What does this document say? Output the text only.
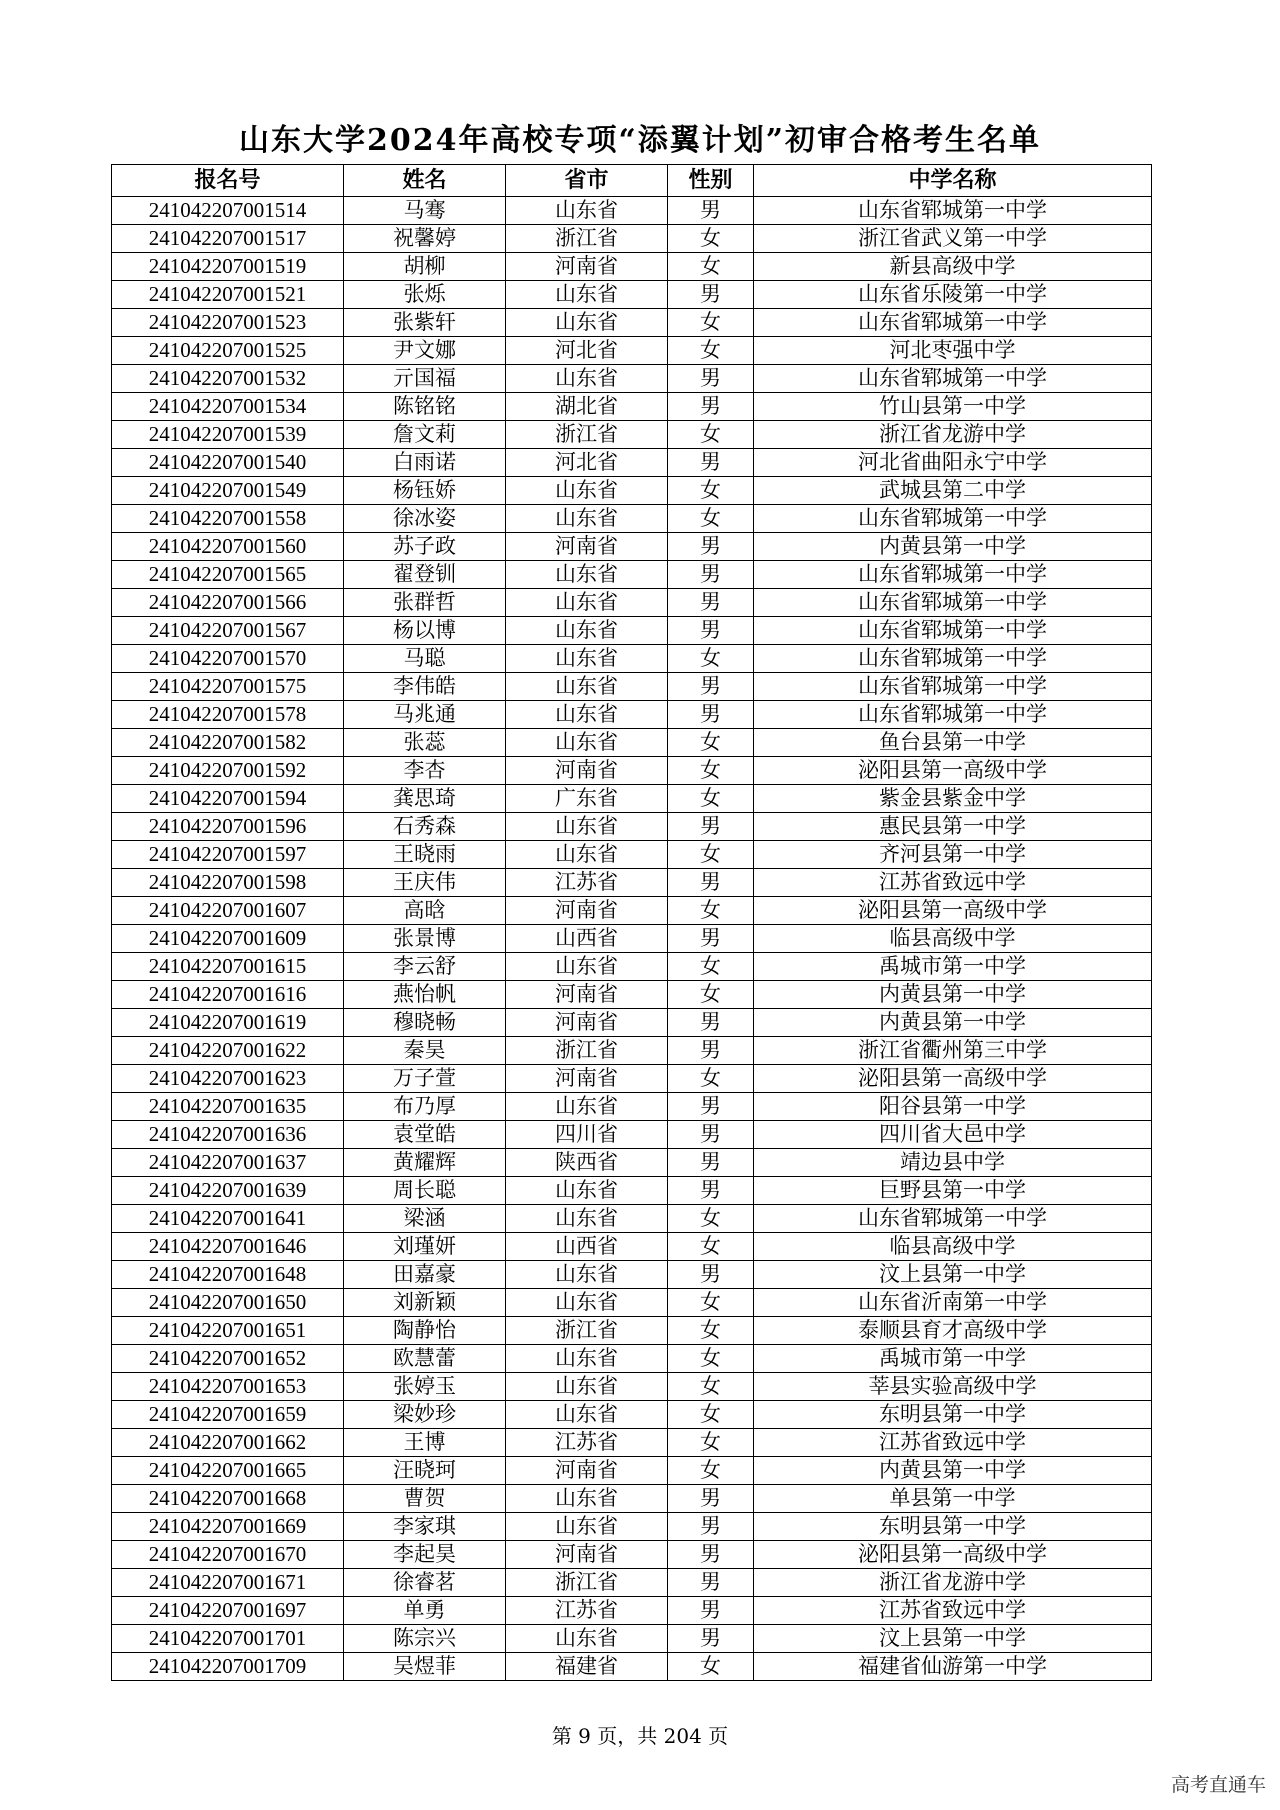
山东大学2024年高校专项“添翼计划”初审合格考生名单
报名号	姓名	省市	性别	中学名称
241042207001514	马骞	山东省	男	山东省郓城第一中学
241042207001517	祝馨婷	浙江省	女	浙江省武义第一中学
241042207001519	胡柳	河南省	女	新县高级中学
241042207001521	张烁	山东省	男	山东省乐陵第一中学
241042207001523	张紫轩	山东省	女	山东省郓城第一中学
241042207001525	尹文娜	河北省	女	河北枣强中学
241042207001532	亓国福	山东省	男	山东省郓城第一中学
241042207001534	陈铭铭	湖北省	男	竹山县第一中学
241042207001539	詹文莉	浙江省	女	浙江省龙游中学
241042207001540	白雨诺	河北省	男	河北省曲阳永宁中学
241042207001549	杨钰娇	山东省	女	武城县第二中学
241042207001558	徐冰姿	山东省	女	山东省郓城第一中学
241042207001560	苏子政	河南省	男	内黄县第一中学
241042207001565	翟登钏	山东省	男	山东省郓城第一中学
241042207001566	张群哲	山东省	男	山东省郓城第一中学
241042207001567	杨以博	山东省	男	山东省郓城第一中学
241042207001570	马聪	山东省	女	山东省郓城第一中学
241042207001575	李伟皓	山东省	男	山东省郓城第一中学
241042207001578	马兆通	山东省	男	山东省郓城第一中学
241042207001582	张蕊	山东省	女	鱼台县第一中学
241042207001592	李杏	河南省	女	泌阳县第一高级中学
241042207001594	龚思琦	广东省	女	紫金县紫金中学
241042207001596	石秀森	山东省	男	惠民县第一中学
241042207001597	王晓雨	山东省	女	齐河县第一中学
241042207001598	王庆伟	江苏省	男	江苏省致远中学
241042207001607	高晗	河南省	女	泌阳县第一高级中学
241042207001609	张景博	山西省	男	临县高级中学
241042207001615	李云舒	山东省	女	禹城市第一中学
241042207001616	燕怡帆	河南省	女	内黄县第一中学
241042207001619	穆晓畅	河南省	男	内黄县第一中学
241042207001622	秦昊	浙江省	男	浙江省衢州第三中学
241042207001623	万子萱	河南省	女	泌阳县第一高级中学
241042207001635	布乃厚	山东省	男	阳谷县第一中学
241042207001636	袁堂皓	四川省	男	四川省大邑中学
241042207001637	黄耀辉	陕西省	男	靖边县中学
241042207001639	周长聪	山东省	男	巨野县第一中学
241042207001641	梁涵	山东省	女	山东省郓城第一中学
241042207001646	刘瑾妍	山西省	女	临县高级中学
241042207001648	田嘉豪	山东省	男	汶上县第一中学
241042207001650	刘新颖	山东省	女	山东省沂南第一中学
241042207001651	陶静怡	浙江省	女	泰顺县育才高级中学
241042207001652	欧慧蕾	山东省	女	禹城市第一中学
241042207001653	张婷玉	山东省	女	莘县实验高级中学
241042207001659	梁妙珍	山东省	女	东明县第一中学
241042207001662	王博	江苏省	女	江苏省致远中学
241042207001665	汪晓珂	河南省	女	内黄县第一中学
241042207001668	曹贺	山东省	男	单县第一中学
241042207001669	李家琪	山东省	男	东明县第一中学
241042207001670	李起昊	河南省	男	泌阳县第一高级中学
241042207001671	徐睿茗	浙江省	男	浙江省龙游中学
241042207001697	单勇	江苏省	男	江苏省致远中学
241042207001701	陈宗兴	山东省	男	汶上县第一中学
241042207001709	吴煜菲	福建省	女	福建省仙游第一中学
第 9 页，共 204 页
高考直通车
